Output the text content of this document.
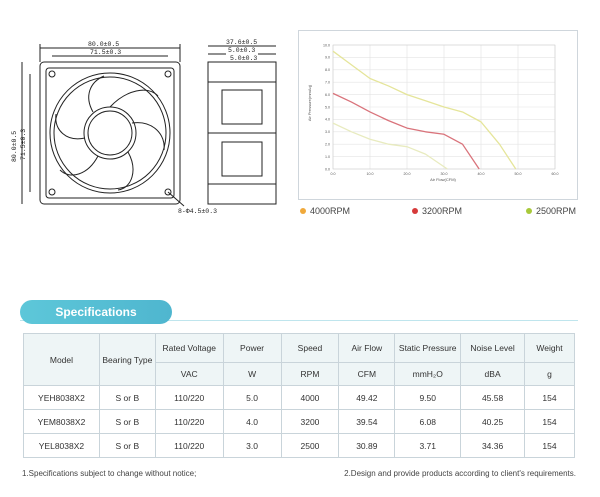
80.0±0.5
71.5±0.3
80.0±0.5 71.5±0.3
37.6±0.5
5.0±0.3
5.0±0.3
8-Φ4.5±0.3
0.0
1.0
2.0
3.0
4.0
5.0
6.0
7.0
8.0
9.0
10.0
0.0	10.0	20.0	30.0	40.0	50.0	60.0
Air Flow(CFM)
Air Pressure(mmAq)
4000RPM	3200RPM	2500RPM
Specifications
Model	Bearing Type	Rated Voltage	Power	Speed	Air Flow	Static Pressure	Noise Level	Weight
		VAC	W	RPM	CFM	mmH₂O	dBA	g
YEH8038X2	S or B	110/220	5.0	4000	49.42	9.50	45.58	154
YEM8038X2	S or B	110/220	4.0	3200	39.54	6.08	40.25	154
YEL8038X2	S or B	110/220	3.0	2500	30.89	3.71	34.36	154
1.Specifications subject to change without notice;	2.Design and provide products according to client's requirements.
